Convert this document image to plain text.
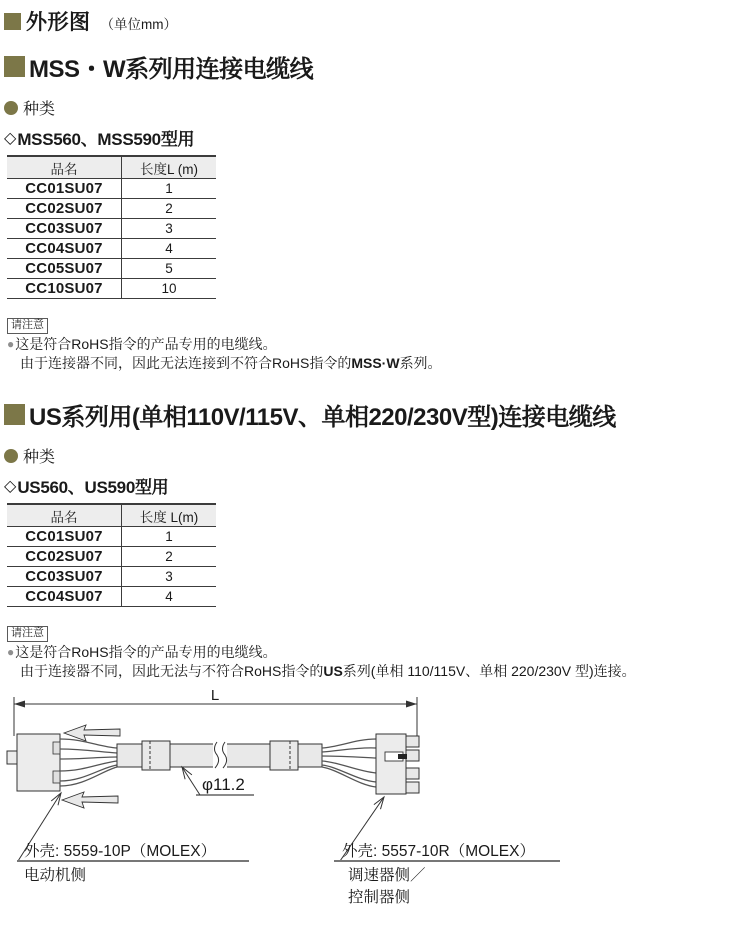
外形图 （单位mm）
MSS・W系列用连接电缆线
种类
◇ MSS560、MSS590型用
品名	长度L (m)
CC01SU07	1
CC02SU07	2
CC03SU07	3
CC04SU07	4
CC05SU07	5
CC10SU07	10
请注意
● 这是符合RoHS指令的产品专用的电缆线。
由于连接器不同，因此无法连接到不符合RoHS指令的MSS·W系列。
US系列用(单相110V/115V、单相220/230V型)连接电缆线
种类
◇ US560、US590型用
品名	长度 L(m)
CC01SU07	1
CC02SU07	2
CC03SU07	3
CC04SU07	4
请注意
● 这是符合RoHS指令的产品专用的电缆线。
由于连接器不同，因此无法与不符合RoHS指令的US系列(单相 110/115V、单相 220/230V 型)连接。
L
φ11.2
外壳: 5559-10P（MOLEX）
电动机侧
外壳: 5557-10R（MOLEX）
调速器侧／
控制器侧
